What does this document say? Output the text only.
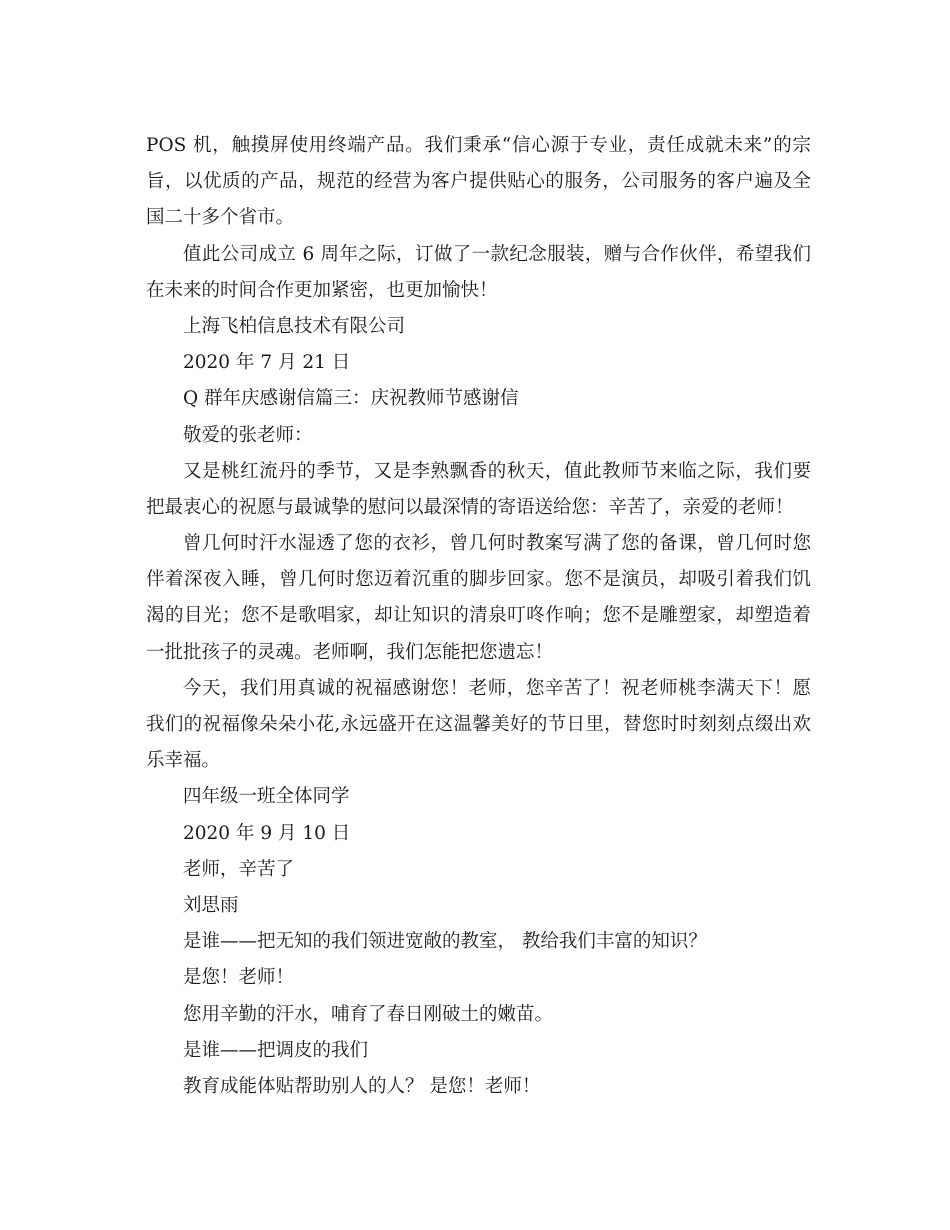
POS 机，触摸屏使用终端产品。我们秉承“信心源于专业，责任成就未来”的宗
旨，以优质的产品，规范的经营为客户提供贴心的服务，公司服务的客户遍及全
国二十多个省市。
值此公司成立 6 周年之际，订做了一款纪念服装，赠与合作伙伴，希望我们
在未来的时间合作更加紧密，也更加愉快！
上海飞柏信息技术有限公司
2020 年 7 月 21 日
Q 群年庆感谢信篇三：庆祝教师节感谢信
敬爱的张老师：
又是桃红流丹的季节，又是李熟飘香的秋天，值此教师节来临之际，我们要
把最衷心的祝愿与最诚挚的慰问以最深情的寄语送给您：辛苦了，亲爱的老师！
曾几何时汗水湿透了您的衣衫，曾几何时教案写满了您的备课，曾几何时您
伴着深夜入睡，曾几何时您迈着沉重的脚步回家。您不是演员，却吸引着我们饥
渴的目光；您不是歌唱家，却让知识的清泉叮咚作响；您不是雕塑家，却塑造着
一批批孩子的灵魂。老师啊，我们怎能把您遗忘！
今天，我们用真诚的祝福感谢您！老师，您辛苦了！祝老师桃李满天下！愿
我们的祝福像朵朵小花,永远盛开在这温馨美好的节日里，替您时时刻刻点缀出欢
乐幸福。
四年级一班全体同学
2020 年 9 月 10 日
老师，辛苦了
刘思雨
是谁——把无知的我们领进宽敞的教室， 教给我们丰富的知识？
是您！老师！
您用辛勤的汗水，哺育了春日刚破土的嫩苗。
是谁——把调皮的我们
教育成能体贴帮助别人的人？ 是您！老师！
